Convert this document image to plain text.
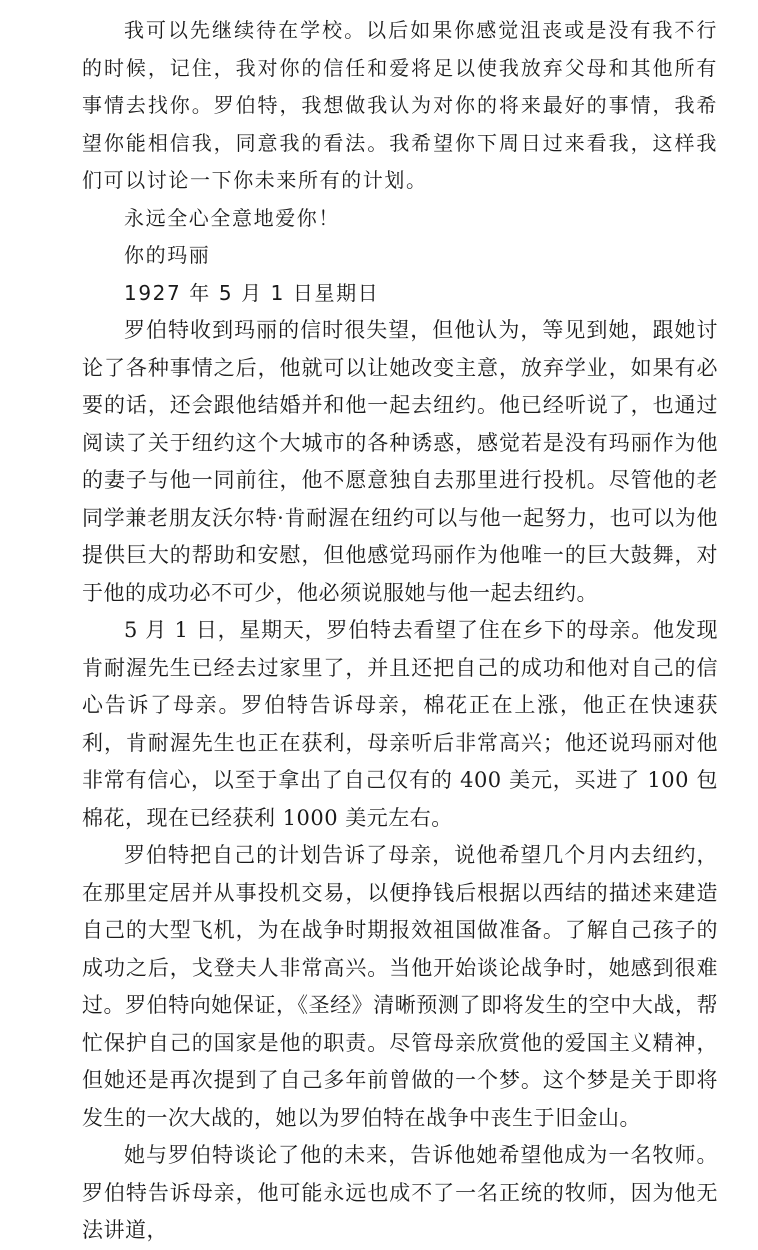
我可以先继续待在学校。以后如果你感觉沮丧或是没有我不行的时候，记住，我对你的信任和爱将足以使我放弃父母和其他所有事情去找你。罗伯特，我想做我认为对你的将来最好的事情，我希望你能相信我，同意我的看法。我希望你下周日过来看我，这样我们可以讨论一下你未来所有的计划。

永远全心全意地爱你！

你的玛丽

1927 年 5 月 1 日星期日

罗伯特收到玛丽的信时很失望，但他认为，等见到她，跟她讨论了各种事情之后，他就可以让她改变主意，放弃学业，如果有必要的话，还会跟他结婚并和他一起去纽约。他已经听说了，也通过阅读了关于纽约这个大城市的各种诱惑，感觉若是没有玛丽作为他的妻子与他一同前往，他不愿意独自去那里进行投机。尽管他的老同学兼老朋友沃尔特·肯耐渥在纽约可以与他一起努力，也可以为他提供巨大的帮助和安慰，但他感觉玛丽作为他唯一的巨大鼓舞，对于他的成功必不可少，他必须说服她与他一起去纽约。

5 月 1 日，星期天，罗伯特去看望了住在乡下的母亲。他发现肯耐渥先生已经去过家里了，并且还把自己的成功和他对自己的信心告诉了母亲。罗伯特告诉母亲，棉花正在上涨，他正在快速获利，肯耐渥先生也正在获利，母亲听后非常高兴；他还说玛丽对他非常有信心，以至于拿出了自己仅有的 400 美元，买进了 100 包棉花，现在已经获利 1000 美元左右。

罗伯特把自己的计划告诉了母亲，说他希望几个月内去纽约，在那里定居并从事投机交易，以便挣钱后根据以西结的描述来建造自己的大型飞机，为在战争时期报效祖国做准备。了解自己孩子的成功之后，戈登夫人非常高兴。当他开始谈论战争时，她感到很难过。罗伯特向她保证，《圣经》清晰预测了即将发生的空中大战，帮忙保护自己的国家是他的职责。尽管母亲欣赏他的爱国主义精神，但她还是再次提到了自己多年前曾做的一个梦。这个梦是关于即将发生的一次大战的，她以为罗伯特在战争中丧生于旧金山。

她与罗伯特谈论了他的未来，告诉他她希望他成为一名牧师。罗伯特告诉母亲，他可能永远也成不了一名正统的牧师，因为他无法讲道，
